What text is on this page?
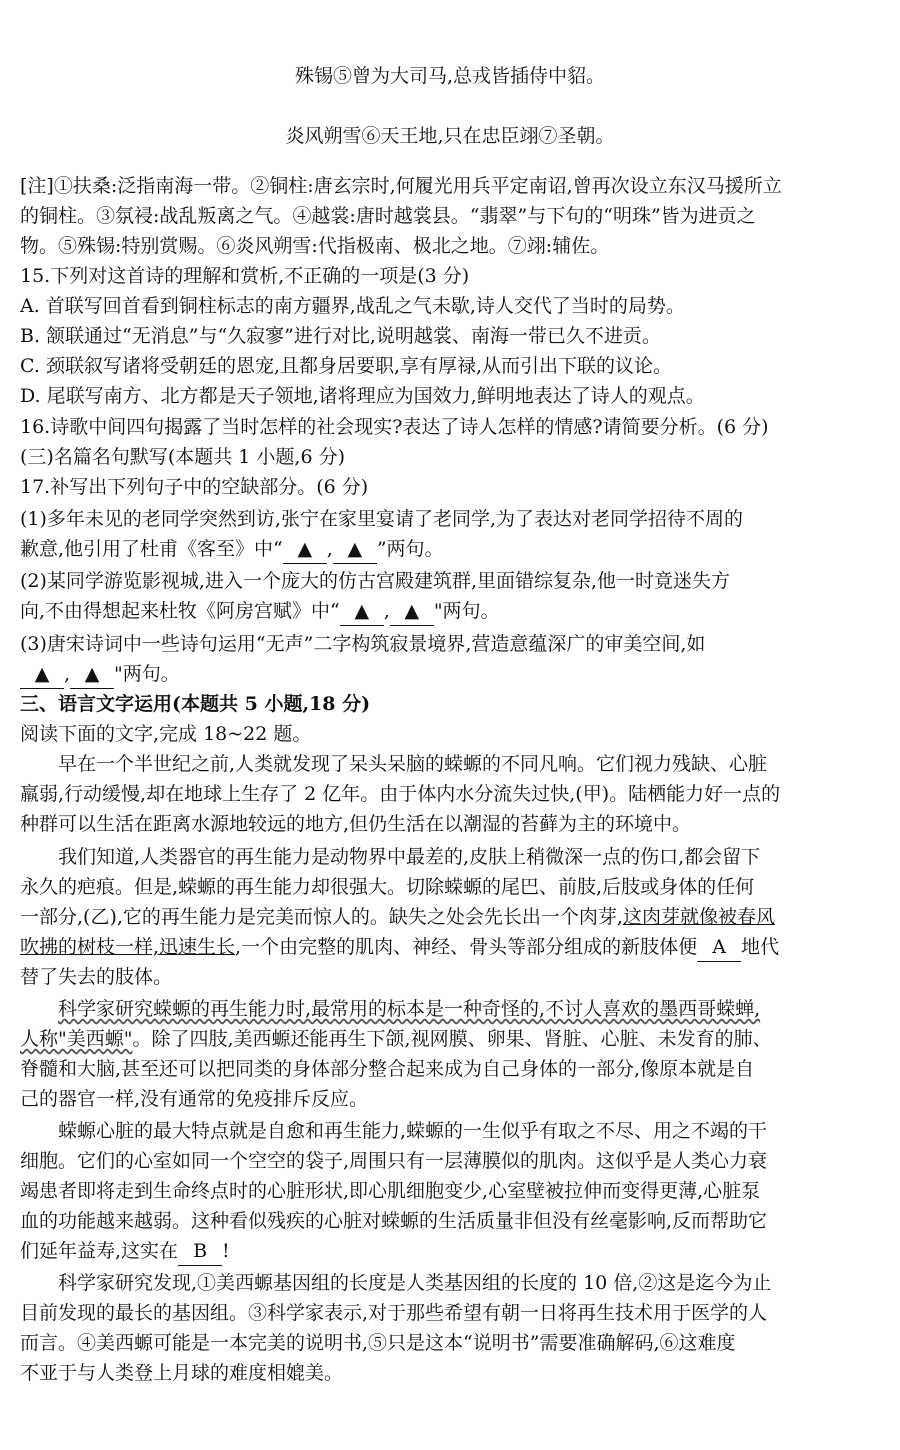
殊锡⑤曾为大司马,总戎皆插侍中貂。
炎风朔雪⑥天王地,只在忠臣翊⑦圣朝。
[注]①扶桑:泛指南海一带。②铜柱:唐玄宗时,何履光用兵平定南诏,曾再次设立东汉马援所立
的铜柱。③氛祲:战乱叛离之气。④越裳:唐时越裳县。“翡翠”与下句的“明珠”皆为进贡之
物。⑤殊锡:特别赏赐。⑥炎风朔雪:代指极南、极北之地。⑦翊:辅佐。
15.下列对这首诗的理解和赏析,不正确的一项是(3 分)
A. 首联写回首看到铜柱标志的南方疆界,战乱之气未歇,诗人交代了当时的局势。
B. 颔联通过“无消息”与“久寂寥”进行对比,说明越裳、南海一带已久不进贡。
C. 颈联叙写诸将受朝廷的恩宠,且都身居要职,享有厚禄,从而引出下联的议论。
D. 尾联写南方、北方都是天子领地,诸将理应为国效力,鲜明地表达了诗人的观点。
16.诗歌中间四句揭露了当时怎样的社会现实?表达了诗人怎样的情感?请简要分析。(6 分)
(三)名篇名句默写(本题共 1 小题,6 分)
17.补写出下列句子中的空缺部分。(6 分)
(1)多年未见的老同学突然到访,张宁在家里宴请了老同学,为了表达对老同学招待不周的
歉意,他引用了杜甫《客至》中“ ▲ , ▲ ”两句。
(2)某同学游览影视城,进入一个庞大的仿古宫殿建筑群,里面错综复杂,他一时竟迷失方
向,不由得想起来杜牧《阿房宫赋》中“ ▲ , ▲ "两句。
(3)唐宋诗词中一些诗句运用“无声”二字构筑寂景境界,营造意蕴深广的审美空间,如
▲ , ▲ "两句。
三、语言文字运用(本题共 5 小题,18 分)
阅读下面的文字,完成 18~22 题。
早在一个半世纪之前,人类就发现了呆头呆脑的蝾螈的不同凡响。它们视力残缺、心脏
羸弱,行动缓慢,却在地球上生存了 2 亿年。由于体内水分流失过快,(甲)。陆栖能力好一点的
种群可以生活在距离水源地较远的地方,但仍生活在以潮湿的苔藓为主的环境中。
我们知道,人类器官的再生能力是动物界中最差的,皮肤上稍微深一点的伤口,都会留下
永久的疤痕。但是,蝾螈的再生能力却很强大。切除蝾螈的尾巴、前肢,后肢或身体的任何
一部分,(乙),它的再生能力是完美而惊人的。缺失之处会先长出一个肉芽,这肉芽就像被春风
吹拂的树枝一样,迅速生长,一个由完整的肌肉、神经、骨头等部分组成的新肢体便 A 地代
替了失去的肢体。
科学家研究蝾螈的再生能力时,最常用的标本是一种奇怪的,不讨人喜欢的墨西哥蝾蝉,
人称"美西螈"。除了四肢,美西螈还能再生下颌,视网膜、卵果、肾脏、心脏、未发育的肺、
脊髓和大脑,甚至还可以把同类的身体部分整合起来成为自己身体的一部分,像原本就是自
己的器官一样,没有通常的免疫排斥反应。
蝾螈心脏的最大特点就是自愈和再生能力,蝾螈的一生似乎有取之不尽、用之不竭的干
细胞。它们的心室如同一个空空的袋子,周围只有一层薄膜似的肌肉。这似乎是人类心力衰
竭患者即将走到生命终点时的心脏形状,即心肌细胞变少,心室壁被拉伸而变得更薄,心脏泵
血的功能越来越弱。这种看似残疾的心脏对蝾螈的生活质量非但没有丝毫影响,反而帮助它
们延年益寿,这实在 B !
科学家研究发现,①美西螈基因组的长度是人类基因组的长度的 10 倍,②这是迄今为止
目前发现的最长的基因组。③科学家表示,对于那些希望有朝一日将再生技术用于医学的人
而言。④美西螈可能是一本完美的说明书,⑤只是这本“说明书”需要准确解码,⑥这难度
不亚于与人类登上月球的难度相媲美。
